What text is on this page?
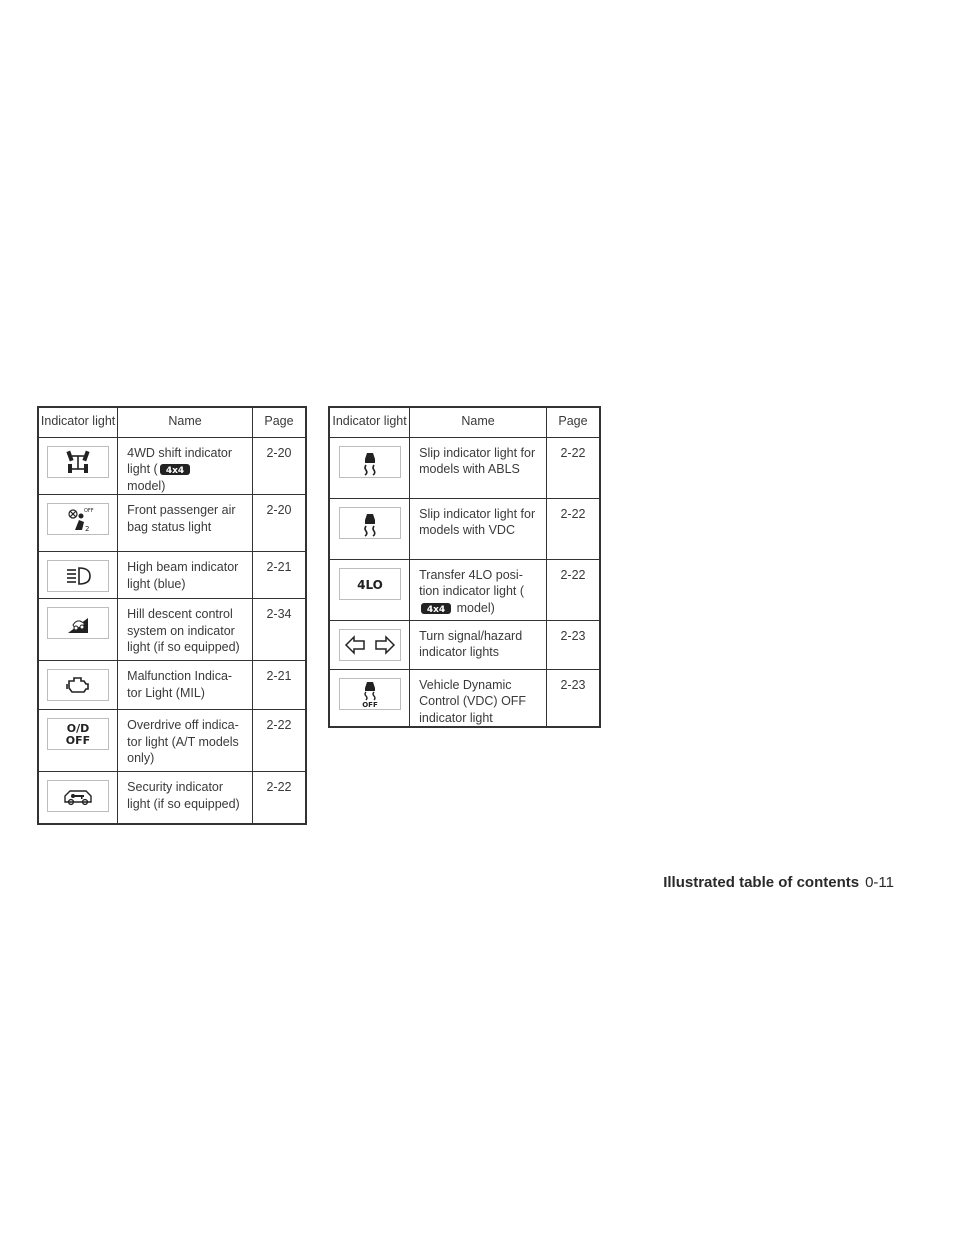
Indicator light	Name	Page

	4WD shift indicator light ( 4x4

model)	2-20

OFF
2	Front passenger air bag status light	2-20

	High beam indicator light (blue)	2-21

	Hill descent control system on indicator light (if so equipped)	2-34

	Malfunction Indica- tor Light (MIL)	2-21

O/D
OFF	Overdrive off indica- tor light (A/T models only)	2-22

	Security indicator light (if so equipped)	2-22
Indicator light	Name	Page

	Slip indicator light for models with ABLS	2-22

	Slip indicator light for models with VDC	2-22

4LO	Transfer 4LO posi- tion indicator light (
4x4 model)	2-22

	Turn signal/hazard indicator lights	2-23

OFF	Vehicle Dynamic Control (VDC) OFF indicator light	2-23
Illustrated table of contents 0-11
